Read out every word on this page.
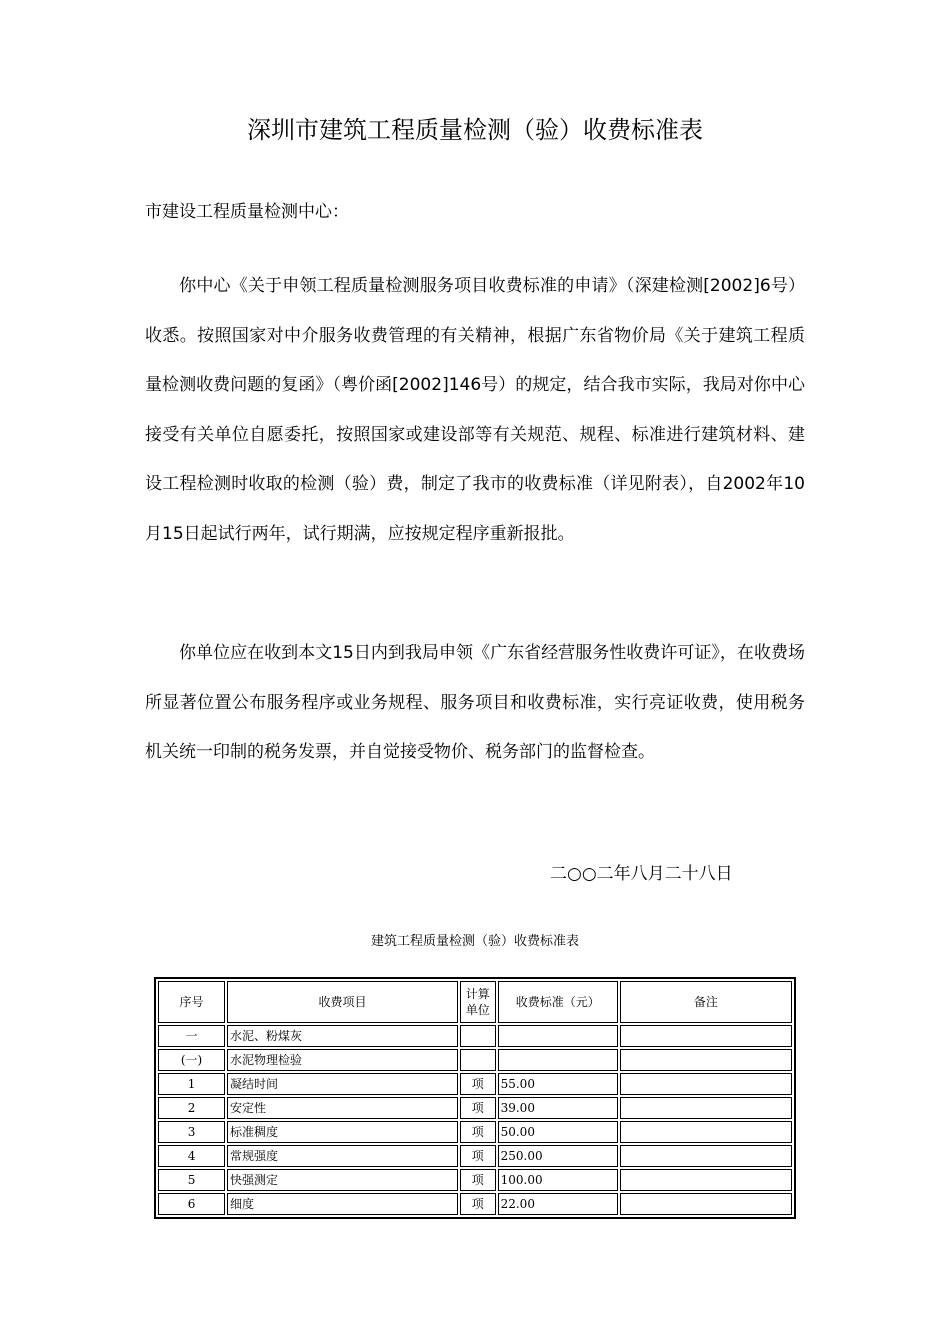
深圳市建筑工程质量检测（验）收费标准表
市建设工程质量检测中心：
你中心《关于申领工程质量检测服务项目收费标准的申请》（深建检测[2002]6号）收悉。按照国家对中介服务收费管理的有关精神，根据广东省物价局《关于建筑工程质量检测收费问题的复函》（粤价函[2002]146号）的规定，结合我市实际，我局对你中心接受有关单位自愿委托，按照国家或建设部等有关规范、规程、标准进行建筑材料、建设工程检测时收取的检测（验）费，制定了我市的收费标准（详见附表），自2002年10月15日起试行两年，试行期满，应按规定程序重新报批。
你单位应在收到本文15日内到我局申领《广东省经营服务性收费许可证》，在收费场所显著位置公布服务程序或业务规程、服务项目和收费标准，实行亮证收费，使用税务机关统一印制的税务发票，并自觉接受物价、税务部门的监督检查。
二○○二年八月二十八日
建筑工程质量检测（验）收费标准表
序号	收费项目	计算单位	收费标准（元）	备注
一	水泥、粉煤灰			
(一)	水泥物理检验			
1	凝结时间	项	55.00	
2	安定性	项	39.00	
3	标准稠度	项	50.00	
4	常规强度	项	250.00	
5	快强测定	项	100.00	
6	细度	项	22.00	
